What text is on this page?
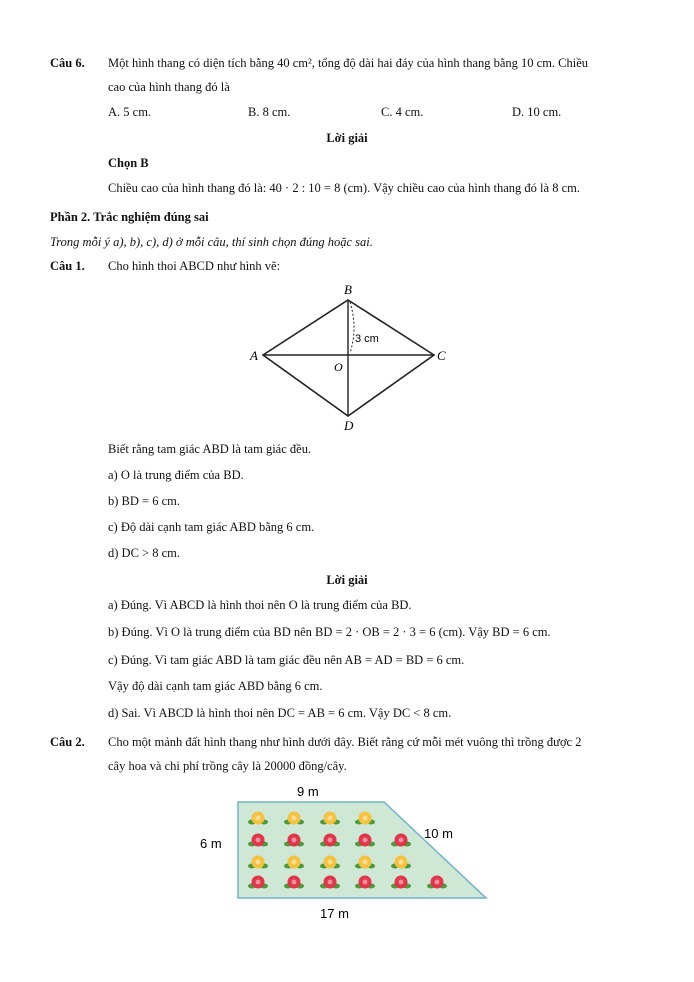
Câu 6. Một hình thang có diện tích bằng 40 cm², tổng độ dài hai đáy của hình thang bằng 10 cm. Chiều
cao của hình thang đó là
A. 5 cm.	B. 8 cm.	C. 4 cm.	D. 10 cm.
Lời giải
Chọn B
Chiều cao của hình thang đó là: 40 · 2 : 10 = 8 (cm). Vậy chiều cao của hình thang đó là 8 cm.
Phần 2. Trắc nghiệm đúng sai
Trong mỗi ý a), b), c), d) ở mỗi câu, thí sinh chọn đúng hoặc sai.
Câu 1. Cho hình thoi ABCD như hình vẽ:
B
A	C
D
O
3 cm
Biết rằng tam giác ABD là tam giác đều.
a) O là trung điểm của BD.
b) BD = 6 cm.
c) Độ dài cạnh tam giác ABD bằng 6 cm.
d) DC > 8 cm.
Lời giải
a) Đúng. Vì ABCD là hình thoi nên O là trung điểm của BD.
b) Đúng. Vì O là trung điểm của BD nên BD = 2 · OB = 2 · 3 = 6 (cm). Vậy BD = 6 cm.
c) Đúng. Vì tam giác ABD là tam giác đều nên AB = AD = BD = 6 cm.
Vậy độ dài cạnh tam giác ABD bằng 6 cm.
d) Sai. Vì ABCD là hình thoi nên DC = AB = 6 cm. Vậy DC < 8 cm.
Câu 2. Cho một mảnh đất hình thang như hình dưới đây. Biết rằng cứ mỗi mét vuông thì trồng được 2
cây hoa và chi phí trồng cây là 20000 đồng/cây.
9 m
6 m
10 m
17 m
